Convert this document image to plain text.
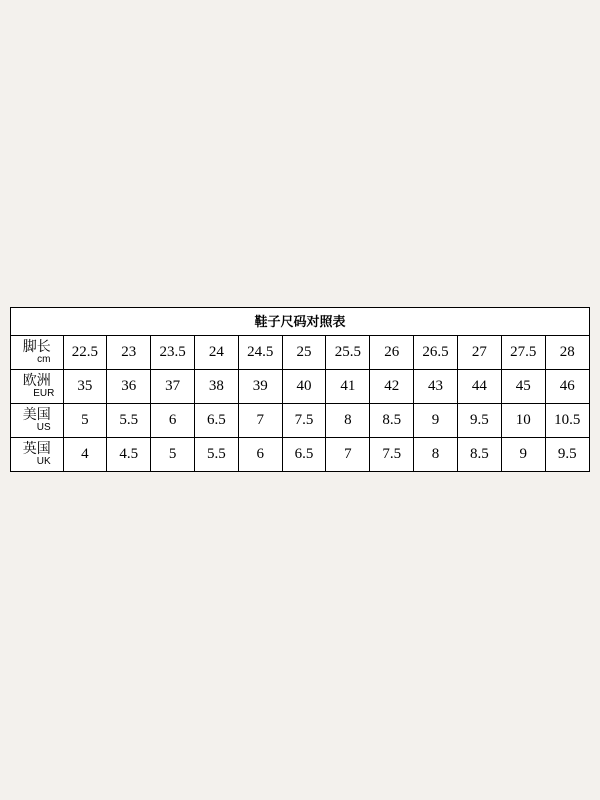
鞋子尺码对照表
脚长
cm	22.5	23	23.5	24	24.5	25	25.5	26	26.5	27	27.5	28

欧洲
EUR	35	36	37	38	39	40	41	42	43	44	45	46

美国
US	5	5.5	6	6.5	7	7.5	8	8.5	9	9.5	10	10.5

英国
UK	4	4.5	5	5.5	6	6.5	7	7.5	8	8.5	9	9.5
